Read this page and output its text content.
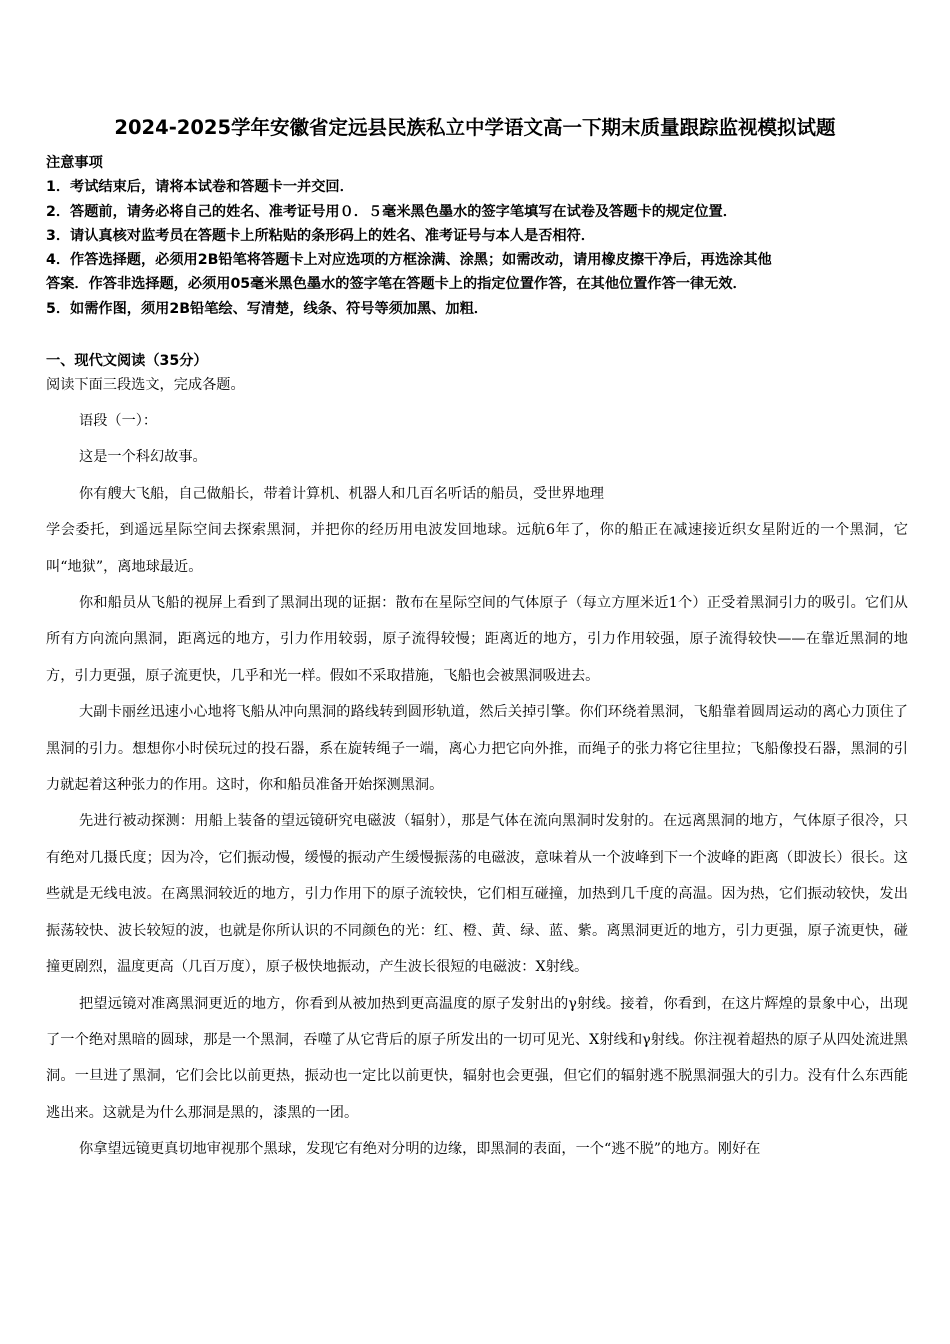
2024-2025学年安徽省定远县民族私立中学语文高一下期末质量跟踪监视模拟试题

注意事项

1．考试结束后，请将本试卷和答题卡一并交回．

2．答题前，请务必将自己的姓名、准考证号用０．５毫米黑色墨水的签字笔填写在试卷及答题卡的规定位置．

3．请认真核对监考员在答题卡上所粘贴的条形码上的姓名、准考证号与本人是否相符．

4．作答选择题，必须用2B铅笔将答题卡上对应选项的方框涂满、涂黑；如需改动，请用橡皮擦干净后，再选涂其他

答案．作答非选择题，必须用05毫米黑色墨水的签字笔在答题卡上的指定位置作答，在其他位置作答一律无效．

5．如需作图，须用2B铅笔绘、写清楚，线条、符号等须加黑、加粗．

一、现代文阅读（35分）
阅读下面三段选文，完成各题。

语段（一）：

这是一个科幻故事。

你有艘大飞船，自己做船长，带着计算机、机器人和几百名听话的船员，受世界地理

学会委托，到遥远星际空间去探索黑洞，并把你的经历用电波发回地球。远航6年了，你的船正在减速接近织女星附近的一个黑洞，它叫“地狱”，离地球最近。

你和船员从飞船的视屏上看到了黑洞出现的证据：散布在星际空间的气体原子（每立方厘米近1个）正受着黑洞引力的吸引。它们从所有方向流向黑洞，距离远的地方，引力作用较弱，原子流得较慢；距离近的地方，引力作用较强，原子流得较快——在靠近黑洞的地方，引力更强，原子流更快，几乎和光一样。假如不采取措施，飞船也会被黑洞吸进去。

大副卡丽丝迅速小心地将飞船从冲向黑洞的路线转到圆形轨道，然后关掉引擎。你们环绕着黑洞，飞船靠着圆周运动的离心力顶住了黑洞的引力。想想你小时侯玩过的投石器，系在旋转绳子一端，离心力把它向外推，而绳子的张力将它往里拉；飞船像投石器，黑洞的引力就起着这种张力的作用。这时，你和船员准备开始探测黑洞。

先进行被动探测：用船上装备的望远镜研究电磁波（辐射），那是气体在流向黑洞时发射的。在远离黑洞的地方，气体原子很冷，只有绝对几摄氏度；因为冷，它们振动慢，缓慢的振动产生缓慢振荡的电磁波，意味着从一个波峰到下一个波峰的距离（即波长）很长。这些就是无线电波。在离黑洞较近的地方，引力作用下的原子流较快，它们相互碰撞，加热到几千度的高温。因为热，它们振动较快，发出振荡较快、波长较短的波，也就是你所认识的不同颜色的光：红、橙、黄、绿、蓝、紫。离黑洞更近的地方，引力更强，原子流更快，碰撞更剧烈，温度更高（几百万度），原子极快地振动，产生波长很短的电磁波：X射线。

把望远镜对准离黑洞更近的地方，你看到从被加热到更高温度的原子发射出的γ射线。接着，你看到，在这片辉煌的景象中心，出现了一个绝对黑暗的圆球，那是一个黑洞，吞噬了从它背后的原子所发出的一切可见光、X射线和γ射线。你注视着超热的原子从四处流进黑洞。一旦进了黑洞，它们会比以前更热，振动也一定比以前更快，辐射也会更强，但它们的辐射逃不脱黑洞强大的引力。没有什么东西能逃出来。这就是为什么那洞是黑的，漆黑的一团。

你拿望远镜更真切地审视那个黑球，发现它有绝对分明的边缘，即黑洞的表面，一个“逃不脱”的地方。刚好在
